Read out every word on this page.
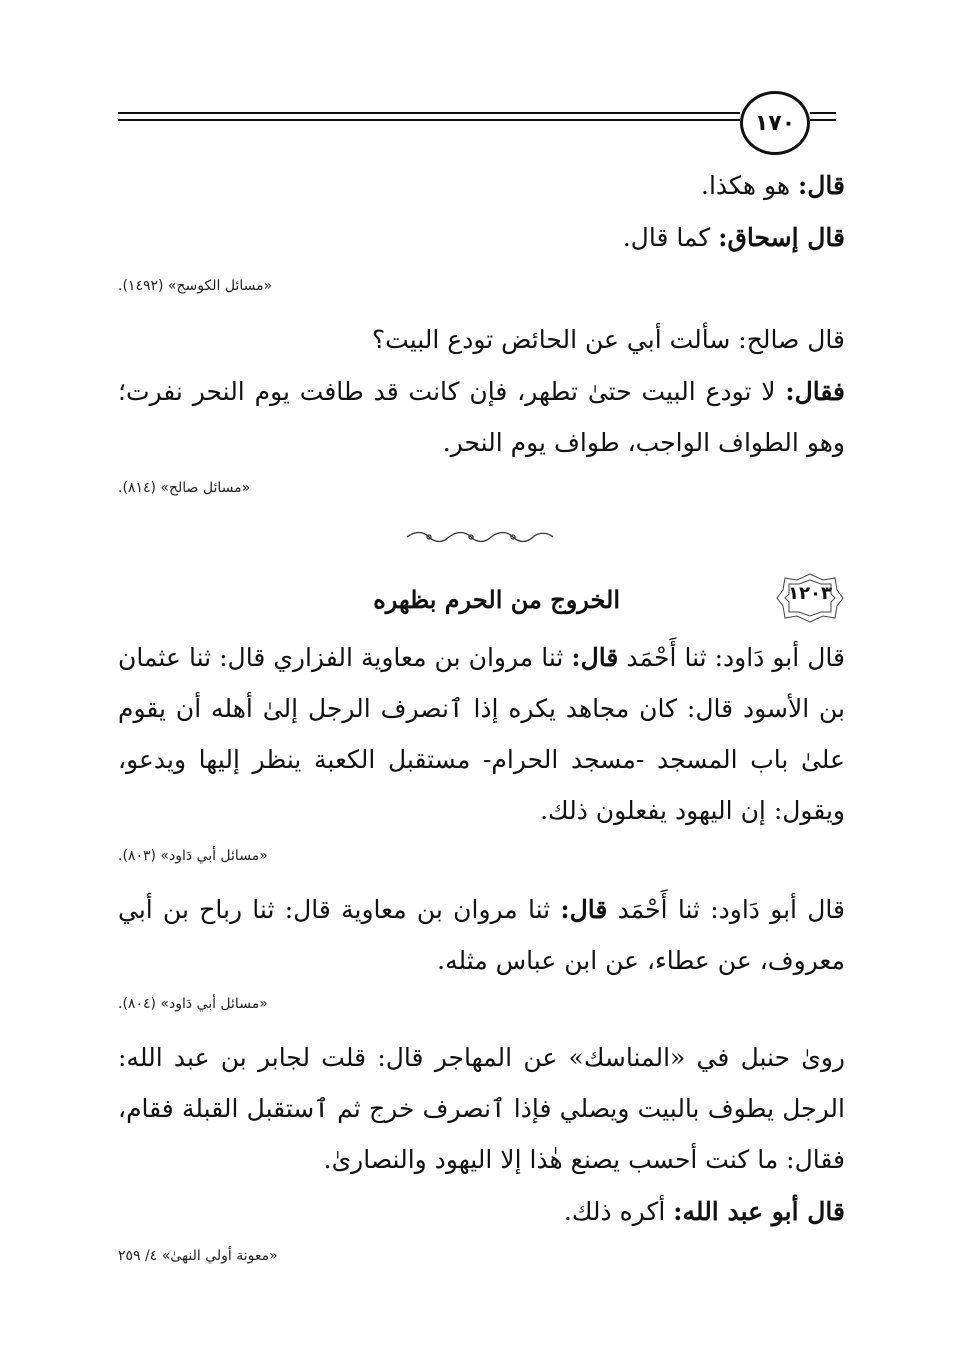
١٧٠

قال: هو هكذا.

قال إسحاق: كما قال.

«مسائل الكوسج» (١٤٩٢).

قال صالح: سألت أبي عن الحائض تودع البيت؟

فقال: لا تودع البيت حتىٰ تطهر، فإن كانت قد طافت يوم النحر نفرت؛ وهو الطواف الواجب، طواف يوم النحر.

«مسائل صالح» (٨١٤).
١٢٠٣
الخروج من الحرم بظهره

قال أبو دَاود: ثنا أَحْمَد قال: ثنا مروان بن معاوية الفزاري قال: ثنا عثمان بن الأسود قال: كان مجاهد يكره إذا ٱنصرف الرجل إلىٰ أهله أن يقوم علىٰ باب المسجد -مسجد الحرام- مستقبل الكعبة ينظر إليها ويدعو، ويقول: إن اليهود يفعلون ذلك.

«مسائل أبي دَاود» (٨٠٣).

قال أبو دَاود: ثنا أَحْمَد قال: ثنا مروان بن معاوية قال: ثنا رباح بن أبي معروف، عن عطاء، عن ابن عباس مثله.

«مسائل أبي دَاود» (٨٠٤).

روىٰ حنبل في «المناسك» عن المهاجر قال: قلت لجابر بن عبد الله: الرجل يطوف بالبيت ويصلي فإذا ٱنصرف خرج ثم ٱستقبل القبلة فقام، فقال: ما كنت أحسب يصنع هٰذا إلا اليهود والنصارىٰ.

قال أبو عبد الله: أكره ذلك.

«معونة أولي النهىٰ» ٤/ ٢٥٩
